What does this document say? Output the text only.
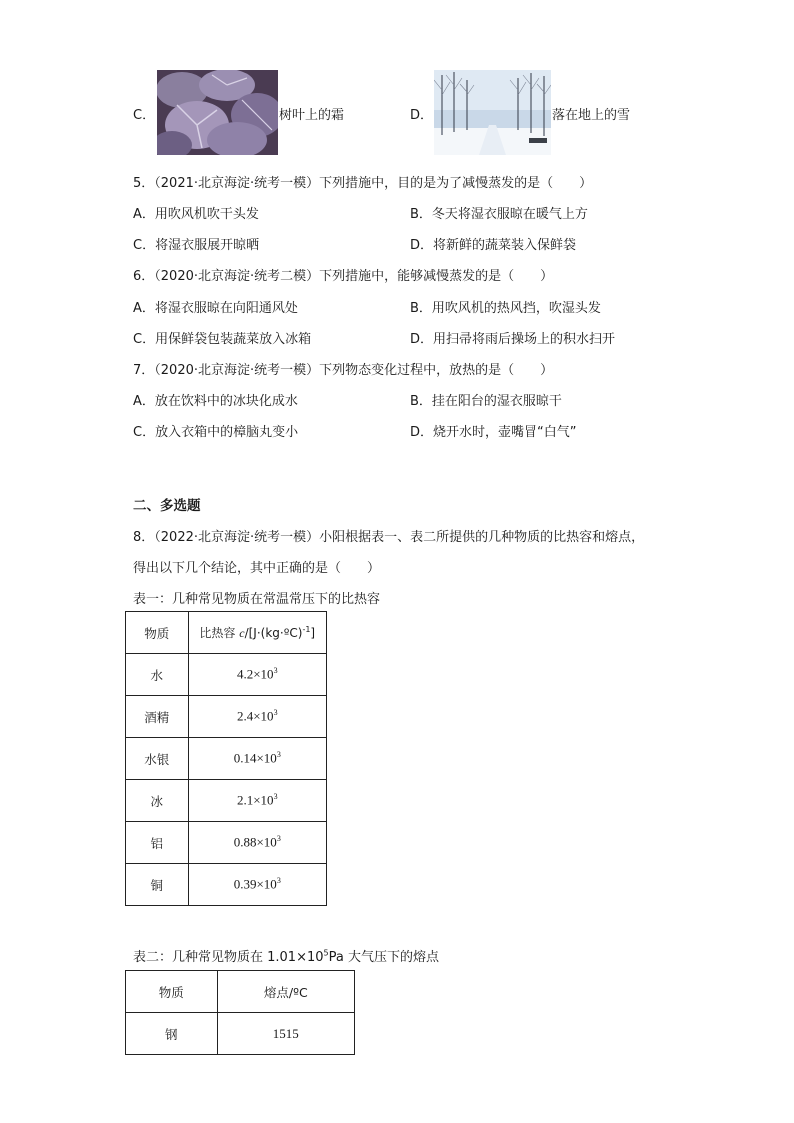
C．	树叶上的霜	D．	落在地上的雪
5．（2021·北京海淀·统考一模）下列措施中，目的是为了减慢蒸发的是（　　）
A．用吹风机吹干头发	B．冬天将湿衣服晾在暖气上方
C．将湿衣服展开晾晒	D．将新鲜的蔬菜装入保鲜袋
6．（2020·北京海淀·统考二模）下列措施中，能够减慢蒸发的是（　　）
A．将湿衣服晾在向阳通风处	B．用吹风机的热风挡，吹湿头发
C．用保鲜袋包装蔬菜放入冰箱	D．用扫帚将雨后操场上的积水扫开
7．（2020·北京海淀·统考一模）下列物态变化过程中，放热的是（　　）
A．放在饮料中的冰块化成水	B．挂在阳台的湿衣服晾干
C．放入衣箱中的樟脑丸变小	D．烧开水时，壶嘴冒“白气”
二、多选题
8．（2022·北京海淀·统考一模）小阳根据表一、表二所提供的几种物质的比热容和熔点，
得出以下几个结论，其中正确的是（　　）
表一：几种常见物质在常温常压下的比热容
物质	比热容 c/[J·(kg·ºC)$^{-1}$]
水	$4.2\times 10^3$
酒精	$2.4\times 10^3$
水银	$0.14\times 10^3$
冰	$2.1\times 10^3$
铝	$0.88\times 10^3$
铜	$0.39\times 10^3$
表二：几种常见物质在 $1.01\times 10^5Pa$ 大气压下的熔点
物质	熔点/ºC
钢	1515
